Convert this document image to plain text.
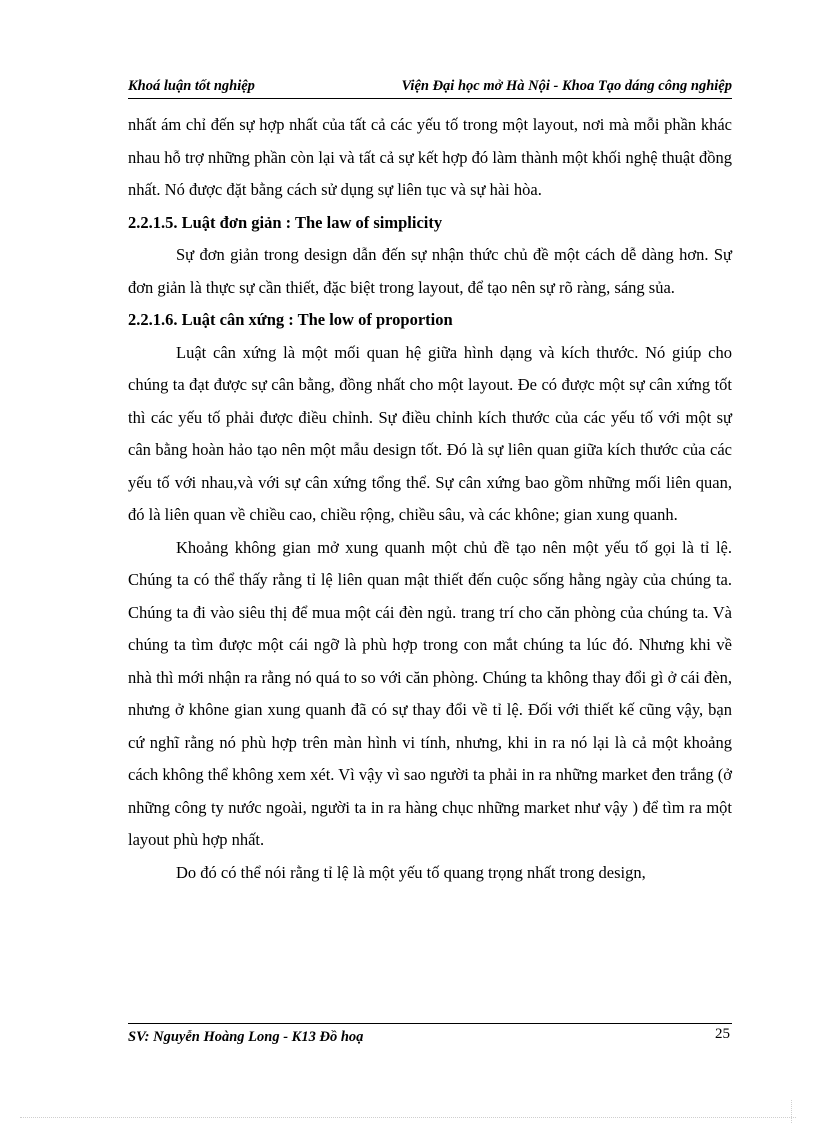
Khoá luận tốt nghiệp	Viện Đại học mở Hà Nội - Khoa Tạo dáng công nghiệp

nhất ám chỉ đến sự hợp nhất của tất cả các yếu tố trong một layout, nơi mà mỗi phần khác nhau hỗ trợ những phần còn lại và tất cả sự kết hợp đó làm thành một khối nghệ thuật đồng nhất. Nó được đặt bằng cách sử dụng sự liên tục và sự hài hòa.

2.2.1.5. Luật đơn giản : The law of simplicity

Sự đơn giản trong design dẫn đến sự nhận thức chủ đề một cách dễ dàng hơn. Sự đơn giản là thực sự cần thiết, đặc biệt trong layout, để tạo nên sự rõ ràng, sáng sủa.

2.2.1.6. Luật cân xứng : The low of proportion

Luật cân xứng là một mối quan hệ giữa hình dạng và kích thước. Nó giúp cho chúng ta đạt được sự cân bằng, đồng nhất cho một layout. Đe có được một sự cân xứng tốt thì các yếu tố phải được điều chỉnh. Sự điều chỉnh kích thước của các yếu tố với một sự cân bằng hoàn hảo tạo nên một mẫu design tốt. Đó là sự liên quan giữa kích thước của các yếu tố với nhau,và với sự cân xứng tổng thể. Sự cân xứng bao gồm những mối liên quan, đó là liên quan về chiều cao, chiều rộng, chiều sâu, và các khône; gian xung quanh.

Khoảng không gian mở xung quanh một chủ đề tạo nên một yếu tố gọi là tỉ lệ. Chúng ta có thể thấy rằng tỉ lệ liên quan mật thiết đến cuộc sống hằng ngày của chúng ta. Chúng ta đi vào siêu thị để mua một cái đèn ngủ. trang trí cho căn phòng của chúng ta. Và chúng ta tìm được một cái ngỡ là phù hợp trong con mắt chúng ta lúc đó. Nhưng khi về nhà thì mới nhận ra rằng nó quá to so với căn phòng. Chúng ta không thay đổi gì ở cái đèn, nhưng ở khône gian xung quanh đã có sự thay đổi về tỉ lệ. Đối với thiết kế cũng vậy, bạn cứ nghĩ rằng nó phù hợp trên màn hình vi tính, nhưng, khi in ra nó lại là cả một khoảng cách không thể không xem xét. Vì vậy vì sao người ta phải in ra những market đen trắng (ở những công ty nước ngoài, người ta in ra hàng chục những market như vậy ) để tìm ra một layout phù hợp nhất.

Do đó có thể nói rằng tỉ lệ là một yếu tố quang trọng nhất trong design,

SV: Nguyễn Hoàng Long - K13 Đồ hoạ	25
